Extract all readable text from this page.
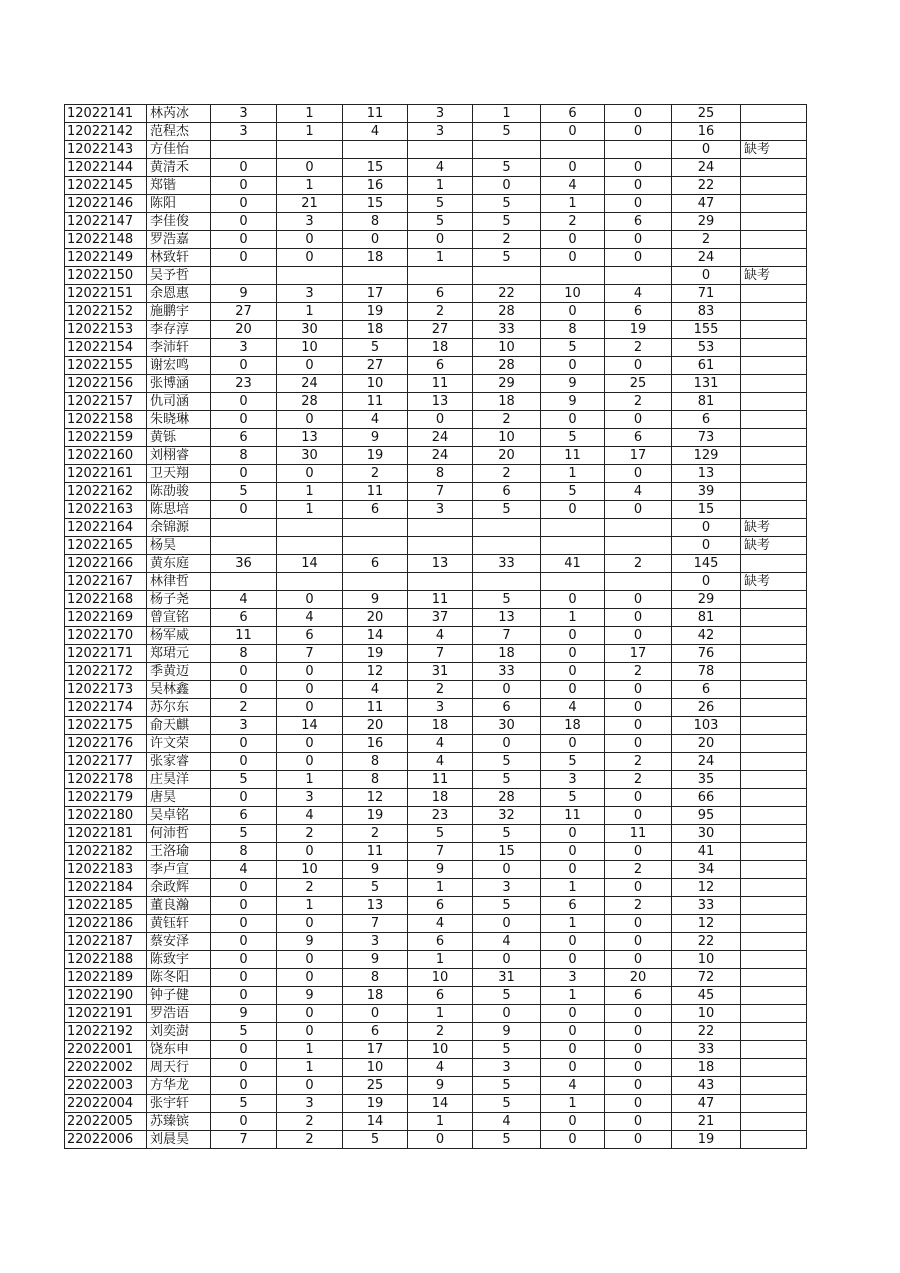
12022141	林芮冰	3	1	11	3	1	6	0	25	
12022142	范程杰	3	1	4	3	5	0	0	16	
12022143	方佳怡								0	缺考
12022144	黄清禾	0	0	15	4	5	0	0	24	
12022145	郑锴	0	1	16	1	0	4	0	22	
12022146	陈阳	0	21	15	5	5	1	0	47	
12022147	李佳俊	0	3	8	5	5	2	6	29	
12022148	罗浩嘉	0	0	0	0	2	0	0	2	
12022149	林致轩	0	0	18	1	5	0	0	24	
12022150	吴予哲								0	缺考
12022151	余恩惠	9	3	17	6	22	10	4	71	
12022152	施鹏宇	27	1	19	2	28	0	6	83	
12022153	李存淳	20	30	18	27	33	8	19	155	
12022154	李沛轩	3	10	5	18	10	5	2	53	
12022155	谢宏鸣	0	0	27	6	28	0	0	61	
12022156	张博涵	23	24	10	11	29	9	25	131	
12022157	仇司涵	0	28	11	13	18	9	2	81	
12022158	朱晓琳	0	0	4	0	2	0	0	6	
12022159	黄铄	6	13	9	24	10	5	6	73	
12022160	刘栩睿	8	30	19	24	20	11	17	129	
12022161	卫天翔	0	0	2	8	2	1	0	13	
12022162	陈劭骏	5	1	11	7	6	5	4	39	
12022163	陈思培	0	1	6	3	5	0	0	15	
12022164	余锦源								0	缺考
12022165	杨昊								0	缺考
12022166	黄东庭	36	14	6	13	33	41	2	145	
12022167	林律哲								0	缺考
12022168	杨子尧	4	0	9	11	5	0	0	29	
12022169	曾宣铭	6	4	20	37	13	1	0	81	
12022170	杨军威	11	6	14	4	7	0	0	42	
12022171	郑珺元	8	7	19	7	18	0	17	76	
12022172	季黄迈	0	0	12	31	33	0	2	78	
12022173	吴林鑫	0	0	4	2	0	0	0	6	
12022174	苏尔东	2	0	11	3	6	4	0	26	
12022175	俞天麒	3	14	20	18	30	18	0	103	
12022176	许文荣	0	0	16	4	0	0	0	20	
12022177	张家睿	0	0	8	4	5	5	2	24	
12022178	庄昊洋	5	1	8	11	5	3	2	35	
12022179	唐昊	0	3	12	18	28	5	0	66	
12022180	吴卓铭	6	4	19	23	32	11	0	95	
12022181	何沛哲	5	2	2	5	5	0	11	30	
12022182	王洛瑜	8	0	11	7	15	0	0	41	
12022183	李卢宣	4	10	9	9	0	0	2	34	
12022184	余政辉	0	2	5	1	3	1	0	12	
12022185	董良瀚	0	1	13	6	5	6	2	33	
12022186	黄钰轩	0	0	7	4	0	1	0	12	
12022187	蔡安泽	0	9	3	6	4	0	0	22	
12022188	陈致宇	0	0	9	1	0	0	0	10	
12022189	陈冬阳	0	0	8	10	31	3	20	72	
12022190	钟子健	0	9	18	6	5	1	6	45	
12022191	罗浩语	9	0	0	1	0	0	0	10	
12022192	刘奕澍	5	0	6	2	9	0	0	22	
22022001	饶东申	0	1	17	10	5	0	0	33	
22022002	周天行	0	1	10	4	3	0	0	18	
22022003	方华龙	0	0	25	9	5	4	0	43	
22022004	张宇轩	5	3	19	14	5	1	0	47	
22022005	苏臻镔	0	2	14	1	4	0	0	21	
22022006	刘晨昊	7	2	5	0	5	0	0	19	
